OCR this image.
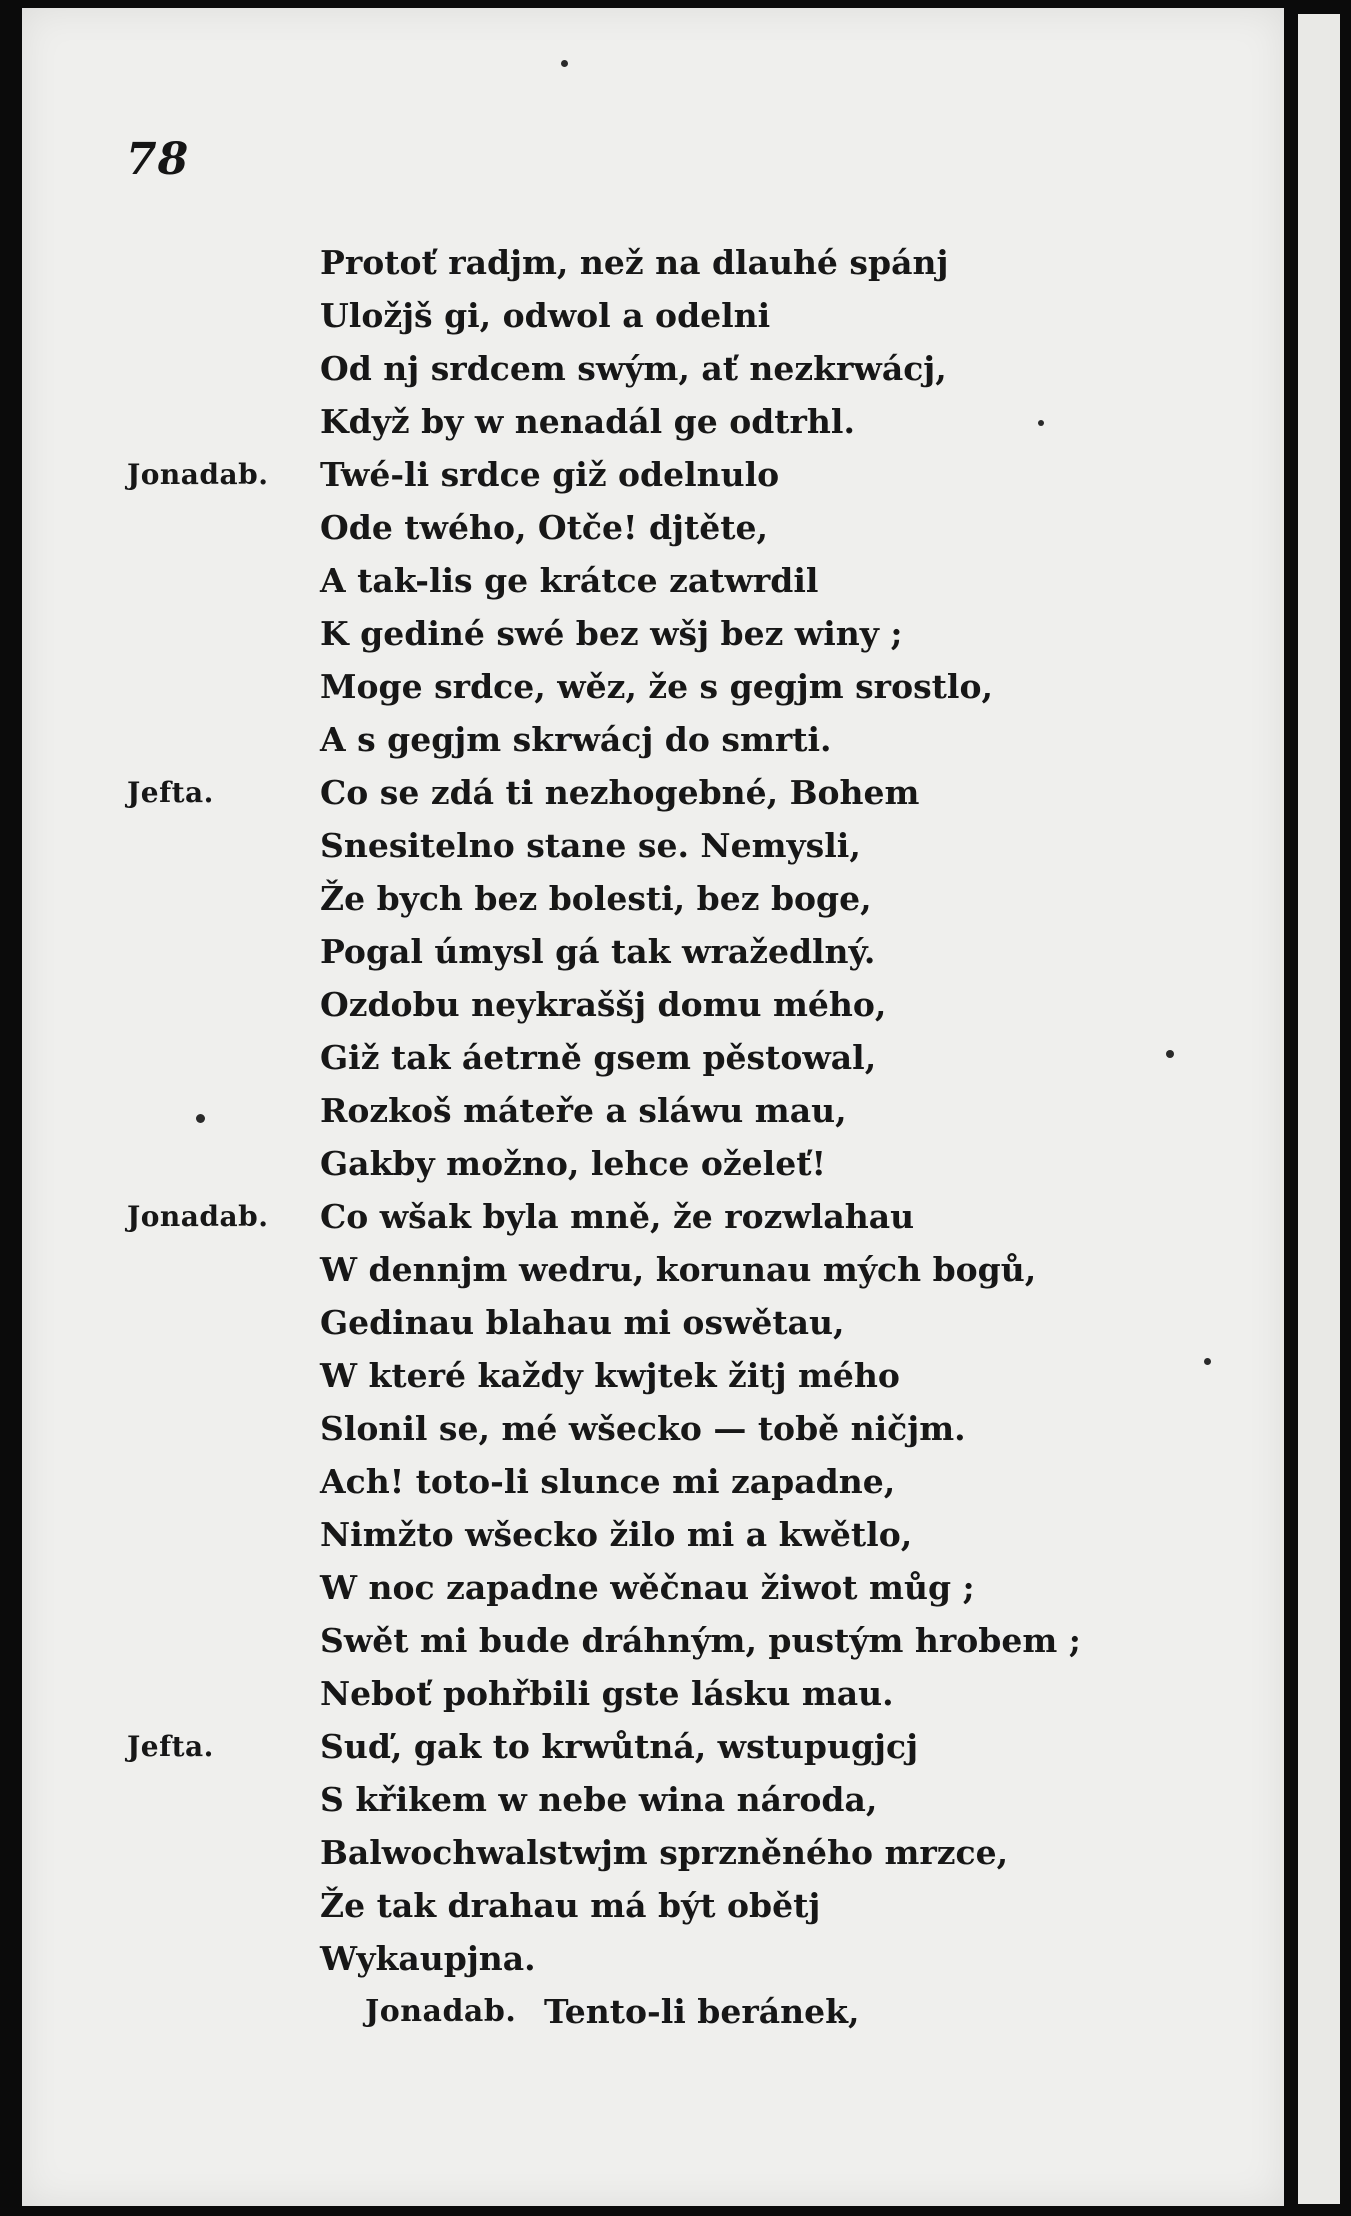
78
Protoť radjm, než na dlauhé spánj
Uložjš gi, odwol a odelni
Od nj srdcem swým, ať nezkrwácj,
Když by w nenadál ge odtrhl.
Jonadab. Twé-li srdce giž odelnulo
Ode twého, Otče! djtěte,
A tak-lis ge krátce zatwrdil
K gediné swé bez wšj bez winy ;
Moge srdce, wěz, že s gegjm srostlo,
A s gegjm skrwácj do smrti.
Jefta.	Co se zdá ti nezhogebné, Bohem
Snesitelno stane se. Nemysli,
Že bych bez bolesti, bez boge,
Pogal úmysl gá tak wražedlný.
Ozdobu neykraššj domu mého,
Giž tak áetrně gsem pěstowal,
Rozkoš máteře a sláwu mau,
Gakby možno, lehce oželeť!
Jonadab. Co wšak byla mně, že rozwlahau
W dennjm wedru, korunau mých bogů,
Gedinau blahau mi oswětau,
W které každy kwjtek žitj mého
Slonil se, mé wšecko — tobě ničjm.
Ach! toto-li slunce mi zapadne,
Nimžto wšecko žilo mi a kwětlo,
W noc zapadne wěčnau žiwot můg ;
Swět mi bude dráhným, pustým hrobem ;
Neboť pohřbili gste lásku mau.
Jefta.	Suď, gak to krwůtná, wstupugjcj
S křikem w nebe wina národa,
Balwochwalstwjm sprzněného mrzce,
Že tak drahau má být obětj
Wykaupjna.
Jonadab. Tento-li beránek,
